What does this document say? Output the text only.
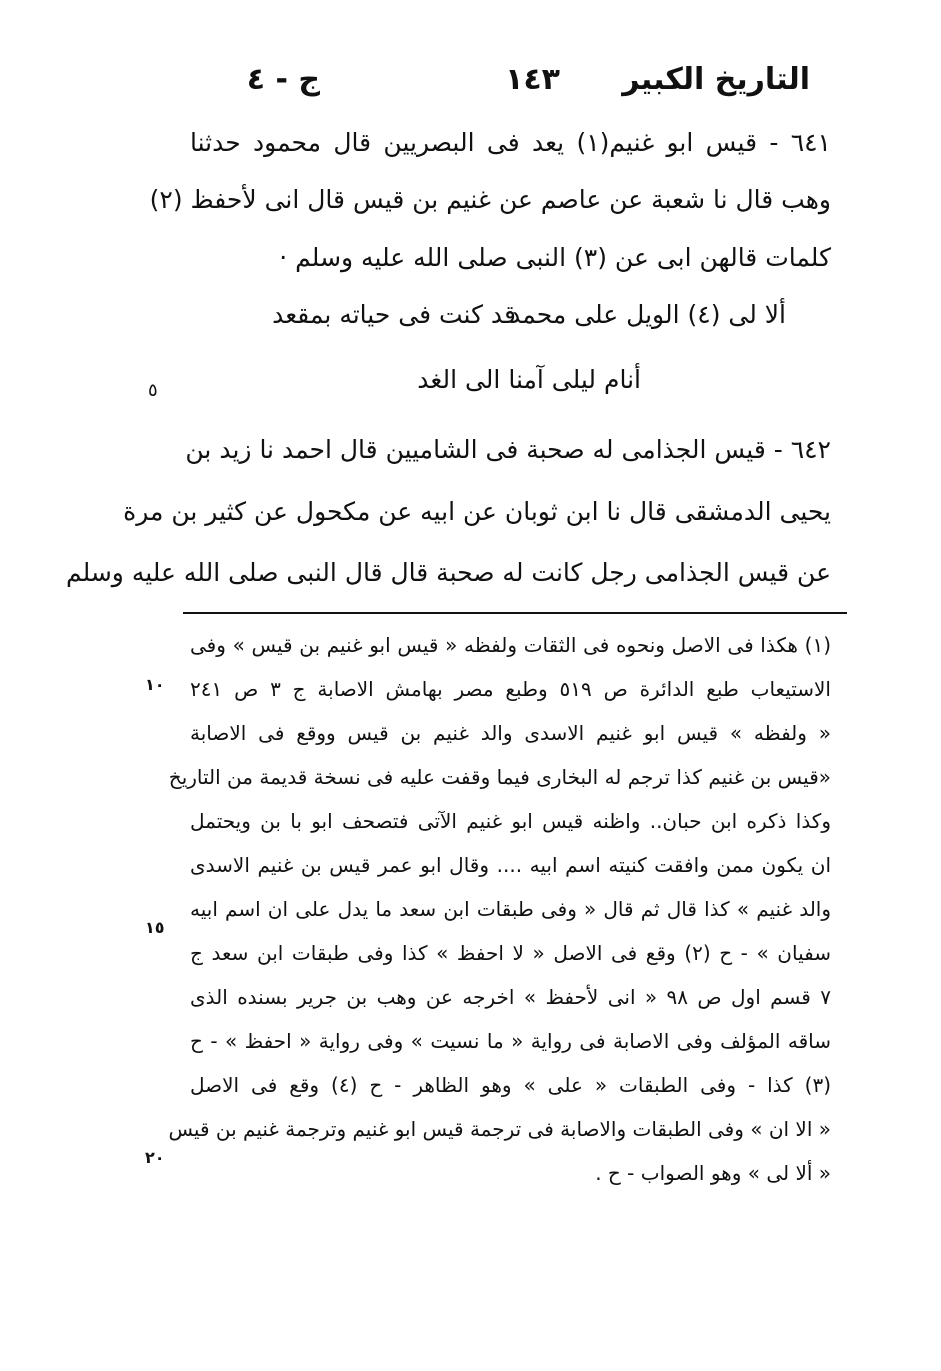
التاريخ الكبير
١٤٣
ج - ٤
٦٤١ - قيس ابو غنيم(١) يعد فى البصريين قال محمود حدثنا
وهب قال نا شعبة عن عاصم عن غنيم بن قيس قال انى لأحفظ (٢)
كلمات قالهن ابى عن (٣) النبى صلى الله عليه وسلم ·
ألا لى (٤) الويل على محمد
قد كنت فى حياته بمقعد
أنام ليلى آمنا الى الغد
٥
٦٤٢ - قيس الجذامى له صحبة فى الشاميين قال احمد نا زيد بن
يحيى الدمشقى قال نا ابن ثوبان عن ابيه عن مكحول عن كثير بن مرة
عن قيس الجذامى رجل كانت له صحبة قال قال النبى صلى الله عليه وسلم
(١) هكذا فى الاصل ونحوه فى الثقات ولفظه « قيس ابو غنيم بن قيس » وفى
الاستيعاب طبع الدائرة ص ٥١٩ وطبع مصر بهامش الاصابة ج ٣ ص ٢٤١
« ولفظه » قيس ابو غنيم الاسدى والد غنيم بن قيس ووقع فى الاصابة
«قيس بن غنيم كذا ترجم له البخارى فيما وقفت عليه فى نسخة قديمة من التاريخ
وكذا ذكره ابن حبان.. واظنه قيس ابو غنيم الآتى فتصحف ابو با بن ويحتمل
ان يكون ممن وافقت كنيته اسم ابيه .... وقال ابو عمر قيس بن غنيم الاسدى
والد غنيم » كذا قال ثم قال « وفى طبقات ابن سعد ما يدل على ان اسم ابيه
سفيان » - ح (٢) وقع فى الاصل « لا احفظ » كذا وفى طبقات ابن سعد ج
٧ قسم اول ص ٩٨ « انى لأحفظ » اخرجه عن وهب بن جرير بسنده الذى
ساقه المؤلف وفى الاصابة فى رواية « ما نسيت » وفى رواية « احفظ » - ح
(٣) كذا - وفى الطبقات « على » وهو الظاهر - ح (٤) وقع فى الاصل
« الا ان » وفى الطبقات والاصابة فى ترجمة قيس ابو غنيم وترجمة غنيم بن قيس
« ألا لى » وهو الصواب - ح .
١٠
١٥
٢٠
